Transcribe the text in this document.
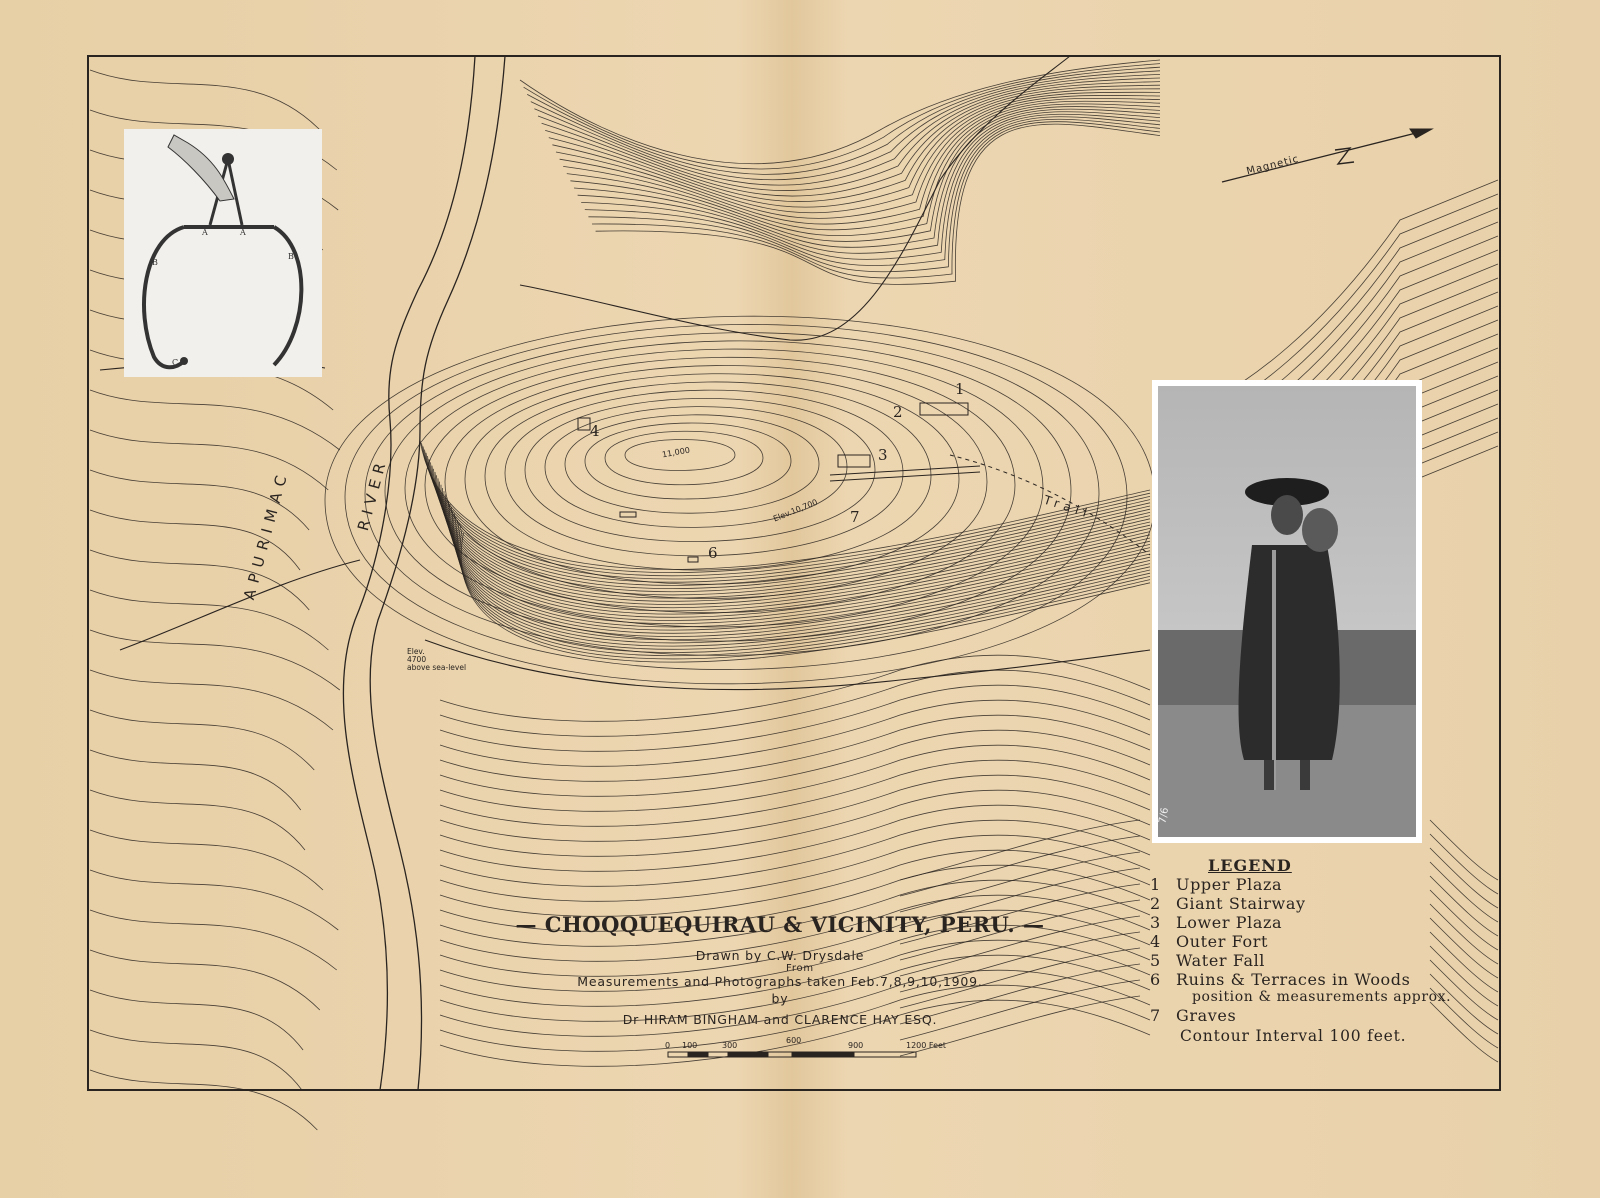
A	A
B
B
C
7/6
APURIMAC	RIVER
Magnetic
Trail
11,000
Elev.10,700
Elev.
4700
above sea-level
1
2
3
4
6
7
— CHOQQUEQUIRAU & VICINITY, PERU. —
Drawn by C.W. Drysdale
From
Measurements and Photographs taken Feb.7,8,9,10,1909.
by
Dr HIRAM BINGHAM and CLARENCE HAY ESQ.
0 100	300
600
900	1200 Feet
LEGEND
1 Upper Plaza
2 Giant Stairway
3 Lower Plaza
4 Outer Fort
5 Water Fall
6 Ruins & Terraces in Woods
position & measurements approx.
7 Graves
Contour Interval 100 feet.
